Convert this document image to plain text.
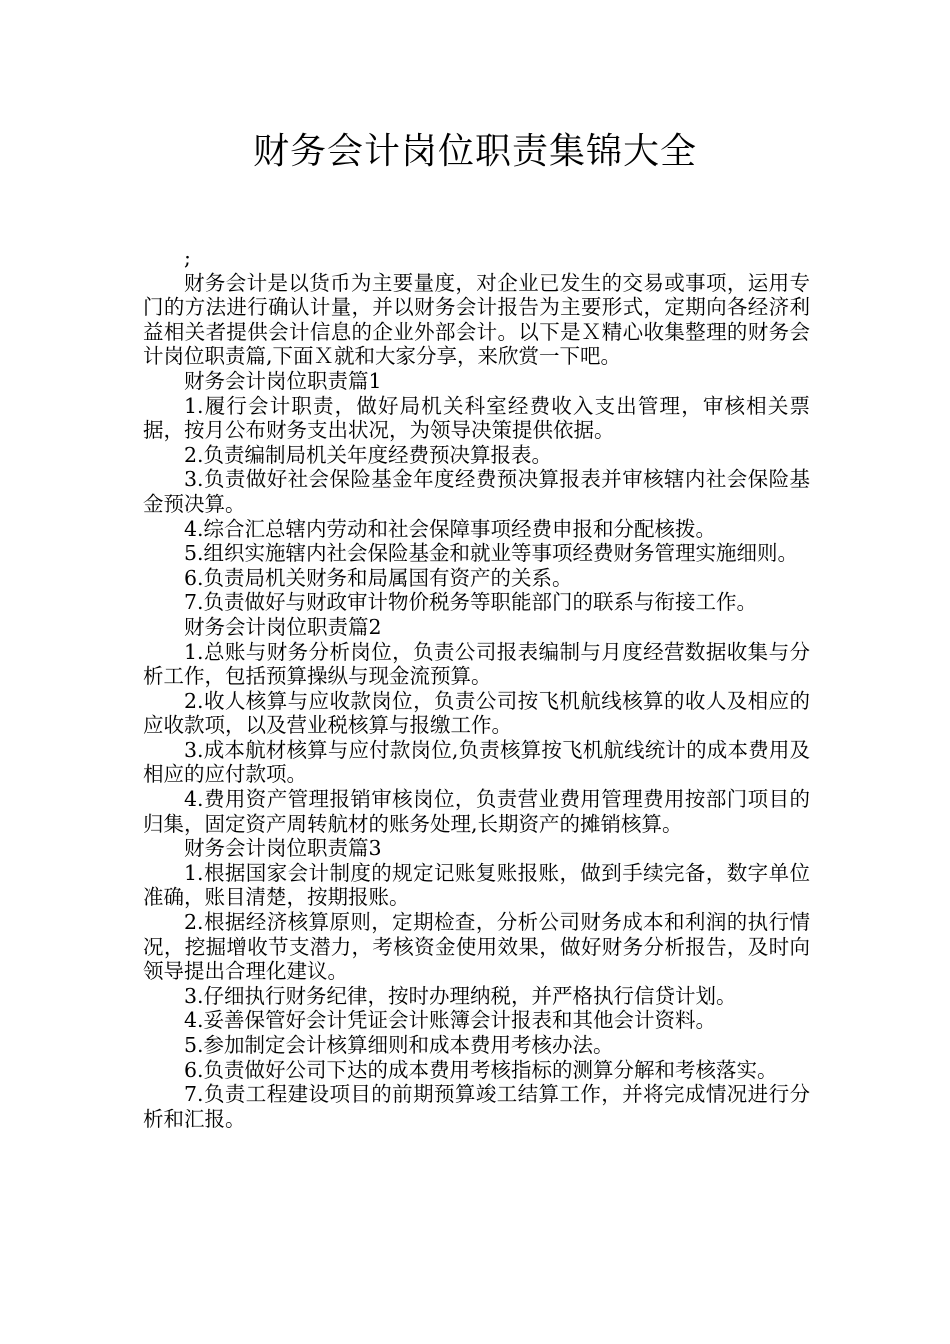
财务会计岗位职责集锦大全

;

财务会计是以货币为主要量度，对企业已发生的交易或事项，运用专门的方法进行确认计量，并以财务会计报告为主要形式，定期向各经济利益相关者提供会计信息的企业外部会计。以下是Ｘ精心收集整理的财务会计岗位职责篇,下面Ｘ就和大家分享，来欣赏一下吧。

财务会计岗位职责篇1

1.履行会计职责，做好局机关科室经费收入支出管理，审核相关票据，按月公布财务支出状况，为领导决策提供依据。

2.负责编制局机关年度经费预决算报表。

3.负责做好社会保险基金年度经费预决算报表并审核辖内社会保险基金预决算。

4.综合汇总辖内劳动和社会保障事项经费申报和分配核拨。

5.组织实施辖内社会保险基金和就业等事项经费财务管理实施细则。

6.负责局机关财务和局属国有资产的关系。

7.负责做好与财政审计物价税务等职能部门的联系与衔接工作。

财务会计岗位职责篇2

1.总账与财务分析岗位，负责公司报表编制与月度经营数据收集与分析工作，包括预算操纵与现金流预算。

2.收人核算与应收款岗位，负责公司按飞机航线核算的收人及相应的应收款项，以及营业税核算与报缴工作。

3.成本航材核算与应付款岗位,负责核算按飞机航线统计的成本费用及相应的应付款项。

4.费用资产管理报销审核岗位，负责营业费用管理费用按部门项目的归集，固定资产周转航材的账务处理,长期资产的摊销核算。

财务会计岗位职责篇3

1.根据国家会计制度的规定记账复账报账，做到手续完备，数字单位准确，账目清楚，按期报账。

2.根据经济核算原则，定期检查，分析公司财务成本和利润的执行情况，挖掘增收节支潜力，考核资金使用效果，做好财务分析报告，及时向领导提出合理化建议。

3.仔细执行财务纪律，按时办理纳税，并严格执行信贷计划。

4.妥善保管好会计凭证会计账簿会计报表和其他会计资料。

5.参加制定会计核算细则和成本费用考核办法。

6.负责做好公司下达的成本费用考核指标的测算分解和考核落实。

7.负责工程建设项目的前期预算竣工结算工作，并将完成情况进行分析和汇报。
